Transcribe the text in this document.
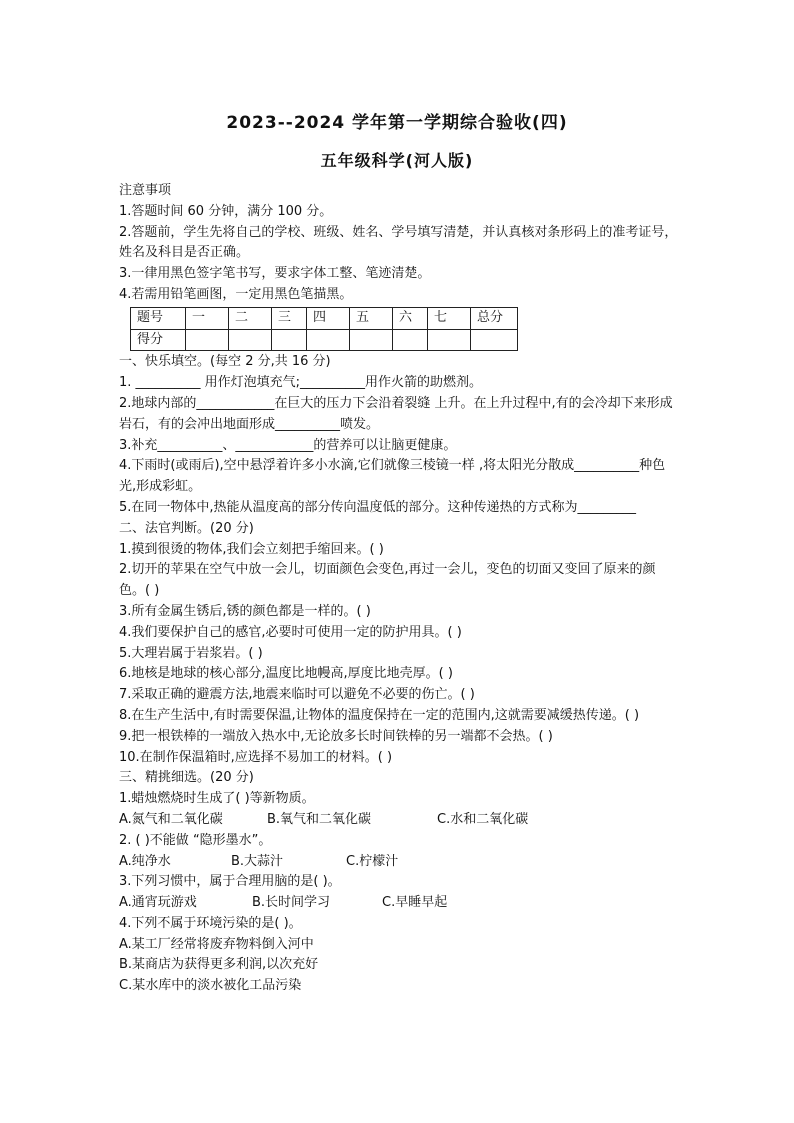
2023--2024 学年第一学期综合验收(四)
五年级科学(河人版)
注意事项
1.答题时间 60 分钟，满分 100 分。
2.答题前，学生先将自己的学校、班级、姓名、学号填写清楚，并认真核对条形码上的准考证号，姓名及科目是否正确。
3.一律用黑色签字笔书写，要求字体工整、笔迹清楚。
4.若需用铅笔画图，一定用黑色笔描黑。
题号	一	二	三	四	五	六	七	总分
得分								
一、快乐填空。(每空 2 分,共 16 分)
1. __________ 用作灯泡填充气;__________用作火箭的助燃剂。
2.地球内部的____________在巨大的压力下会沿着裂缝 上升。在上升过程中,有的会冷却下来形成岩石，有的会冲出地面形成__________喷发。
3.补充__________、____________的营养可以让脑更健康。
4.下雨时(或雨后),空中悬浮着许多小水滴,它们就像三棱镜一样 ,将太阳光分散成__________种色光,形成彩虹。
5.在同一物体中,热能从温度高的部分传向温度低的部分。这种传递热的方式称为_________
二、法官判断。(20 分)
1.摸到很烫的物体,我们会立刻把手缩回来。( )
2.切开的苹果在空气中放一会儿，切面颜色会变色,再过一会儿，变色的切面又变回了原来的颜色。( )
3.所有金属生锈后,锈的颜色都是一样的。( )
4.我们要保护自己的感官,必要时可使用一定的防护用具。( )
5.大理岩属于岩浆岩。( )
6.地核是地球的核心部分,温度比地幔高,厚度比地壳厚。( )
7.采取正确的避震方法,地震来临时可以避免不必要的伤亡。( )
8.在生产生活中,有时需要保温,让物体的温度保持在一定的范围内,这就需要减缓热传递。( )
9.把一根铁棒的一端放入热水中,无论放多长时间铁棒的另一端都不会热。( )
10.在制作保温箱时,应选择不易加工的材料。( )
三、精挑细选。(20 分)
1.蜡烛燃烧时生成了( )等新物质。
A.氮气和二氧化碳	B.氧气和二氧化碳	C.水和二氧化碳
2. ( )不能做 “隐形墨水”。
A.纯净水	B.大蒜汁	C.柠檬汁
3.下列习惯中，属于合理用脑的是( )。
A.通宵玩游戏	B.长时间学习	C.早睡早起
4.下列不属于环境污染的是( )。
A.某工厂经常将废弃物料倒入河中
B.某商店为获得更多利润,以次充好
C.某水库中的淡水被化工品污染
